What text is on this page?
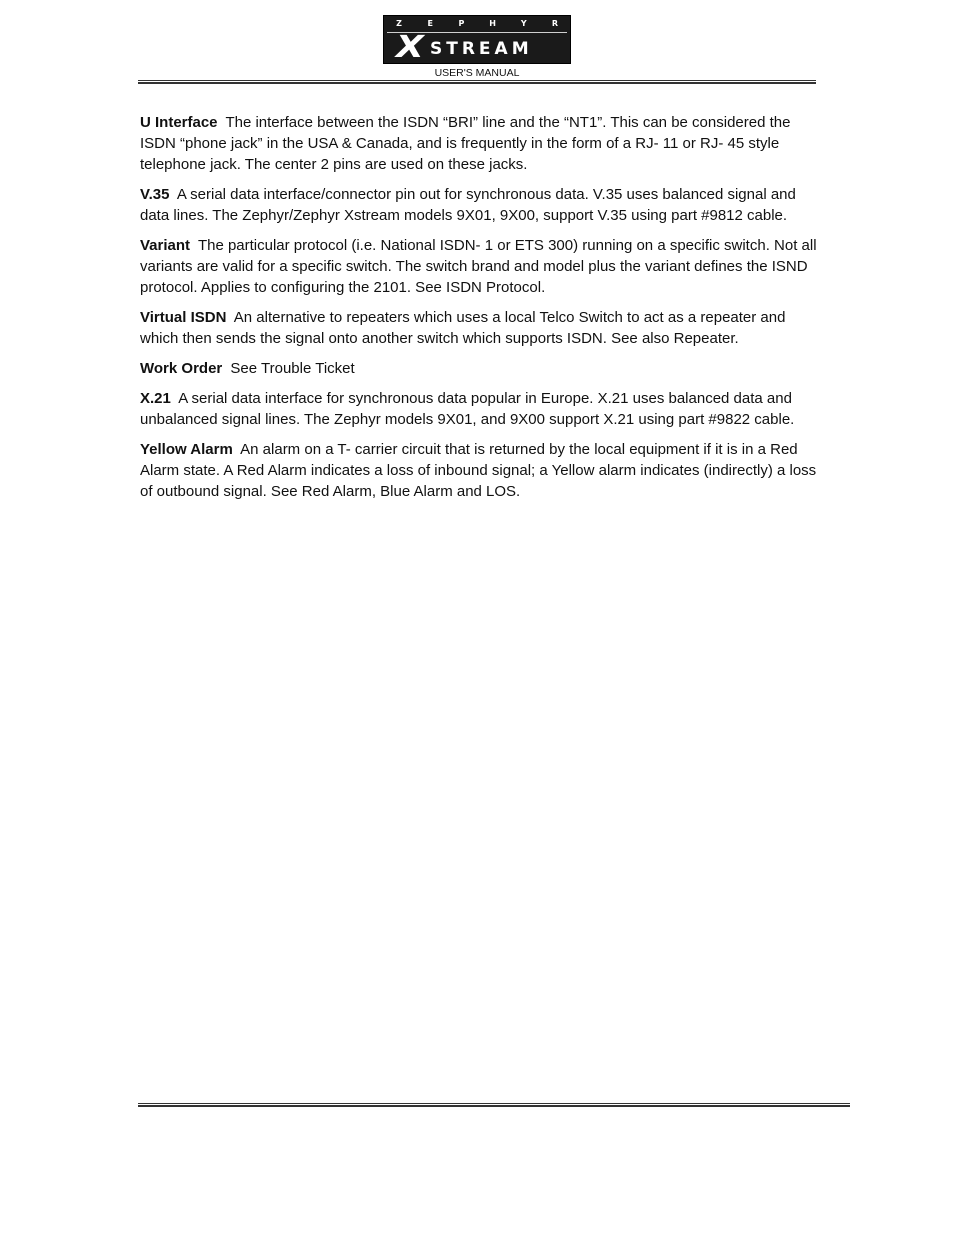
Z	E	P	H	Y	R
X STREAM
USER'S MANUAL

U Interface The interface between the ISDN “BRI” line and the “NT1”. This can be considered the ISDN “phone jack” in the USA & Canada, and is frequently in the form of a RJ- 11 or RJ- 45 style telephone jack. The center 2 pins are used on these jacks.

V.35 A serial data interface/connector pin out for synchronous data. V.35 uses balanced signal and data lines. The Zephyr/Zephyr Xstream models 9X01, 9X00, support V.35 using part #9812 cable.

Variant The particular protocol (i.e. National ISDN- 1 or ETS 300) running on a specific switch. Not all variants are valid for a specific switch. The switch brand and model plus the variant defines the ISND protocol. Applies to configuring the 2101. See ISDN Protocol.

Virtual ISDN An alternative to repeaters which uses a local Telco Switch to act as a repeater and which then sends the signal onto another switch which supports ISDN. See also Repeater.

Work Order See Trouble Ticket

X.21 A serial data interface for synchronous data popular in Europe. X.21 uses balanced data and unbalanced signal lines. The Zephyr models 9X01, and 9X00 support X.21 using part #9822 cable.

Yellow Alarm An alarm on a T- carrier circuit that is returned by the local equipment if it is in a Red Alarm state. A Red Alarm indicates a loss of inbound signal; a Yellow alarm indicates (indirectly) a loss of outbound signal. See Red Alarm, Blue Alarm and LOS.
